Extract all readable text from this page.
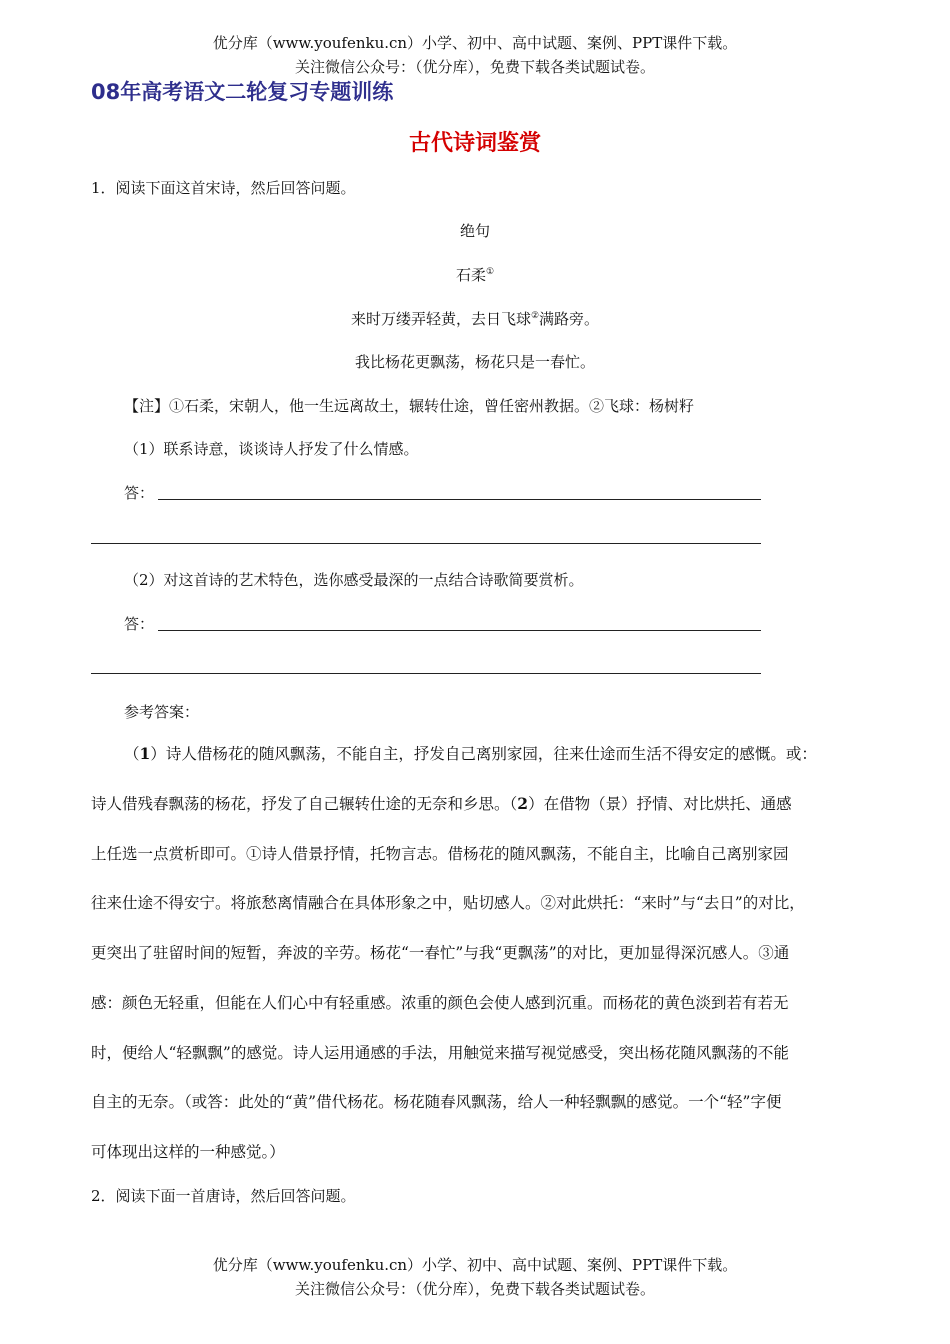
优分库（www.youfenku.cn）小学、初中、高中试题、案例、PPT课件下载。
关注微信公众号：（优分库），免费下载各类试题试卷。
08年高考语文二轮复习专题训练
古代诗词鉴赏
1．阅读下面这首宋诗，然后回答问题。
绝句
石柔①
来时万缕弄轻黄，去日飞球②满路旁。
我比杨花更飘荡，杨花只是一春忙。
【注】①石柔，宋朝人，他一生远离故土，辗转仕途，曾任密州教据。②飞球：杨树籽
（1）联系诗意，谈谈诗人抒发了什么情感。
答：
（2）对这首诗的艺术特色，选你感受最深的一点结合诗歌简要赏析。
答：
参考答案：
（1）诗人借杨花的随风飘荡，不能自主，抒发自己离别家园，往来仕途而生活不得安定的感慨。或：
诗人借残春飘荡的杨花，抒发了自己辗转仕途的无奈和乡思。（2）在借物（景）抒情、对比烘托、通感
上任选一点赏析即可。①诗人借景抒情，托物言志。借杨花的随风飘荡，不能自主，比喻自己离别家园
往来仕途不得安宁。将旅愁离情融合在具体形象之中，贴切感人。②对此烘托：“来时”与“去日”的对比，
更突出了驻留时间的短暂，奔波的辛劳。杨花“一春忙”与我“更飘荡”的对比，更加显得深沉感人。③通
感：颜色无轻重，但能在人们心中有轻重感。浓重的颜色会使人感到沉重。而杨花的黄色淡到若有若无
时，便给人“轻飘飘”的感觉。诗人运用通感的手法，用触觉来描写视觉感受，突出杨花随风飘荡的不能
自主的无奈。（或答：此处的“黄”借代杨花。杨花随春风飘荡，给人一种轻飘飘的感觉。一个“轻”字便
可体现出这样的一种感觉。）
2．阅读下面一首唐诗，然后回答问题。
优分库（www.youfenku.cn）小学、初中、高中试题、案例、PPT课件下载。
关注微信公众号：（优分库），免费下载各类试题试卷。
